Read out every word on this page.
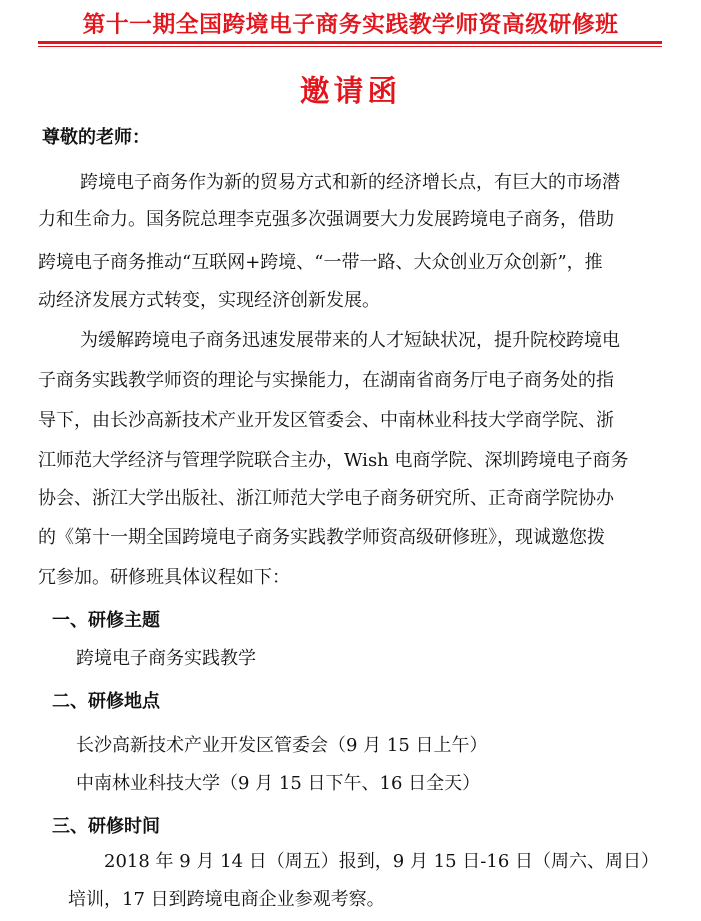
第十一期全国跨境电子商务实践教学师资高级研修班
邀请函
尊敬的老师：
跨境电子商务作为新的贸易方式和新的经济增长点，有巨大的市场潜
力和生命力。国务院总理李克强多次强调要大力发展跨境电子商务，借助
跨境电子商务推动“互联网+跨境、“一带一路、大众创业万众创新”，推
动经济发展方式转变，实现经济创新发展。
为缓解跨境电子商务迅速发展带来的人才短缺状况，提升院校跨境电
子商务实践教学师资的理论与实操能力，在湖南省商务厅电子商务处的指
导下，由长沙高新技术产业开发区管委会、中南林业科技大学商学院、浙
江师范大学经济与管理学院联合主办，Wish 电商学院、深圳跨境电子商务
协会、浙江大学出版社、浙江师范大学电子商务研究所、正奇商学院协办
的《第十一期全国跨境电子商务实践教学师资高级研修班》，现诚邀您拨
冗参加。研修班具体议程如下：
一、研修主题
跨境电子商务实践教学
二、研修地点
长沙高新技术产业开发区管委会（9 月 15 日上午）
中南林业科技大学（9 月 15 日下午、16 日全天）
三、研修时间
2018 年 9 月 14 日（周五）报到，9 月 15 日-16 日（周六、周日）
培训，17 日到跨境电商企业参观考察。
